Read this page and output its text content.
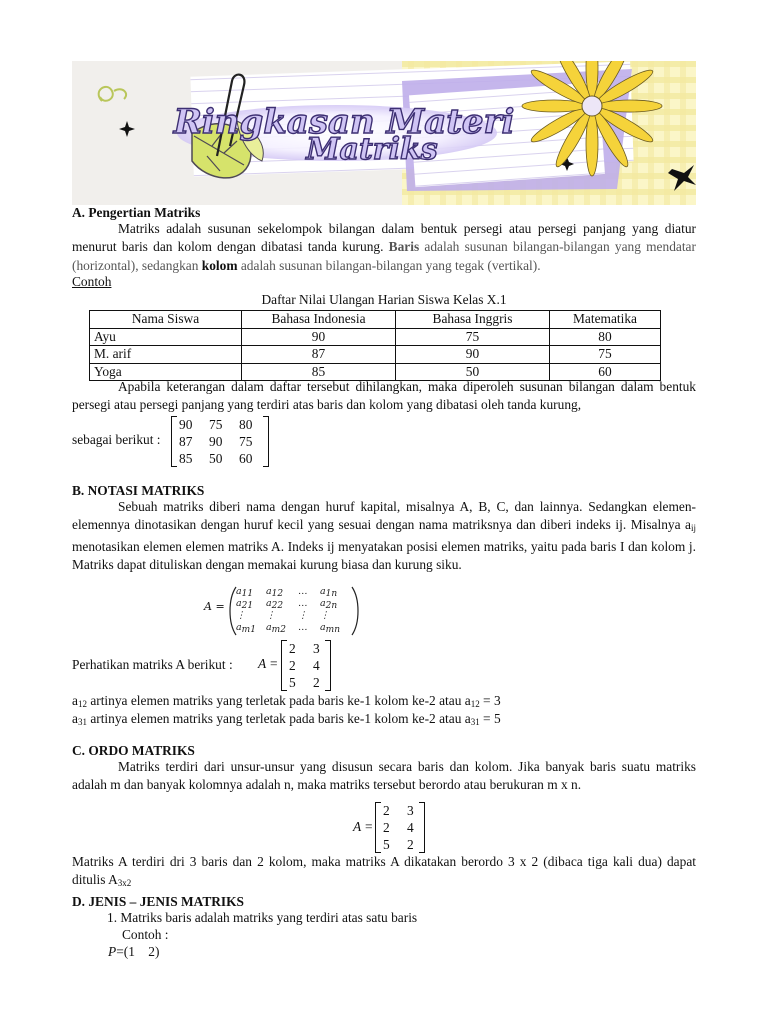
Ringkasan Materi
Matriks
A. Pengertian Matriks
Matriks adalah susunan sekelompok bilangan dalam bentuk persegi atau persegi panjang yang diatur menurut baris dan kolom dengan dibatasi tanda kurung. Baris adalah susunan bilangan-bilangan yang mendatar (horizontal), sedangkan kolom adalah susunan bilangan-bilangan yang tegak (vertikal).
Contoh
Daftar Nilai Ulangan Harian Siswa Kelas X.1
Nama Siswa	Bahasa Indonesia	Bahasa Inggris	Matematika
Ayu	90	75	80
M. arif	87	90	75
Yoga	85	50	60
Apabila keterangan dalam daftar tersebut dihilangkan, maka diperoleh susunan bilangan dalam bentuk persegi atau persegi panjang yang terdiri atas baris dan kolom yang dibatasi oleh tanda kurung,
sebagai berikut :
90	75	80
87	90	75
85	50	60
B. NOTASI MATRIKS
Sebuah matriks diberi nama dengan huruf kapital, misalnya A, B, C, dan lainnya. Sedangkan elemen-elemennya dinotasikan dengan huruf kecil yang sesuai dengan nama matriksnya dan diberi indeks ij. Misalnya $a_{ij}$ menotasikan elemen elemen matriks A. Indeks ij menyatakan posisi elemen matriks, yaitu pada baris I dan kolom j. Matriks dapat dituliskan dengan memakai kurung biasa dan kurung siku.
A =
$a_{11}$	$a_{12}$	…	$a_{1n}$
$a_{21}$	$a_{22}$	…	$a_{2n}$
⋮	⋮	⋮	⋮
$a_{m1}$	$a_{m2}$	…	$a_{mn}$
Perhatikan matriks A berikut : A =
2	3
2	4
5	2
$a_{12}$ artinya elemen matriks yang terletak pada baris ke-1 kolom ke-2 atau $a_{12} = 3$
$a_{31}$ artinya elemen matriks yang terletak pada baris ke-1 kolom ke-2 atau $a_{31} = 5$
C. ORDO MATRIKS
Matriks terdiri dari unsur-unsur yang disusun secara baris dan kolom. Jika banyak baris suatu matriks adalah m dan banyak kolomnya adalah n, maka matriks tersebut berordo atau berukuran m x n.
A =
2	3
2	4
5	2
Matriks A terdiri dri 3 baris dan 2 kolom, maka matriks A dikatakan berordo 3 x 2 (dibaca tiga kali dua) dapat ditulis $A_{3x2}$
D. JENIS – JENIS MATRIKS
1. Matriks baris adalah matriks yang terdiri atas satu baris
Contoh :
P=(1    2)
